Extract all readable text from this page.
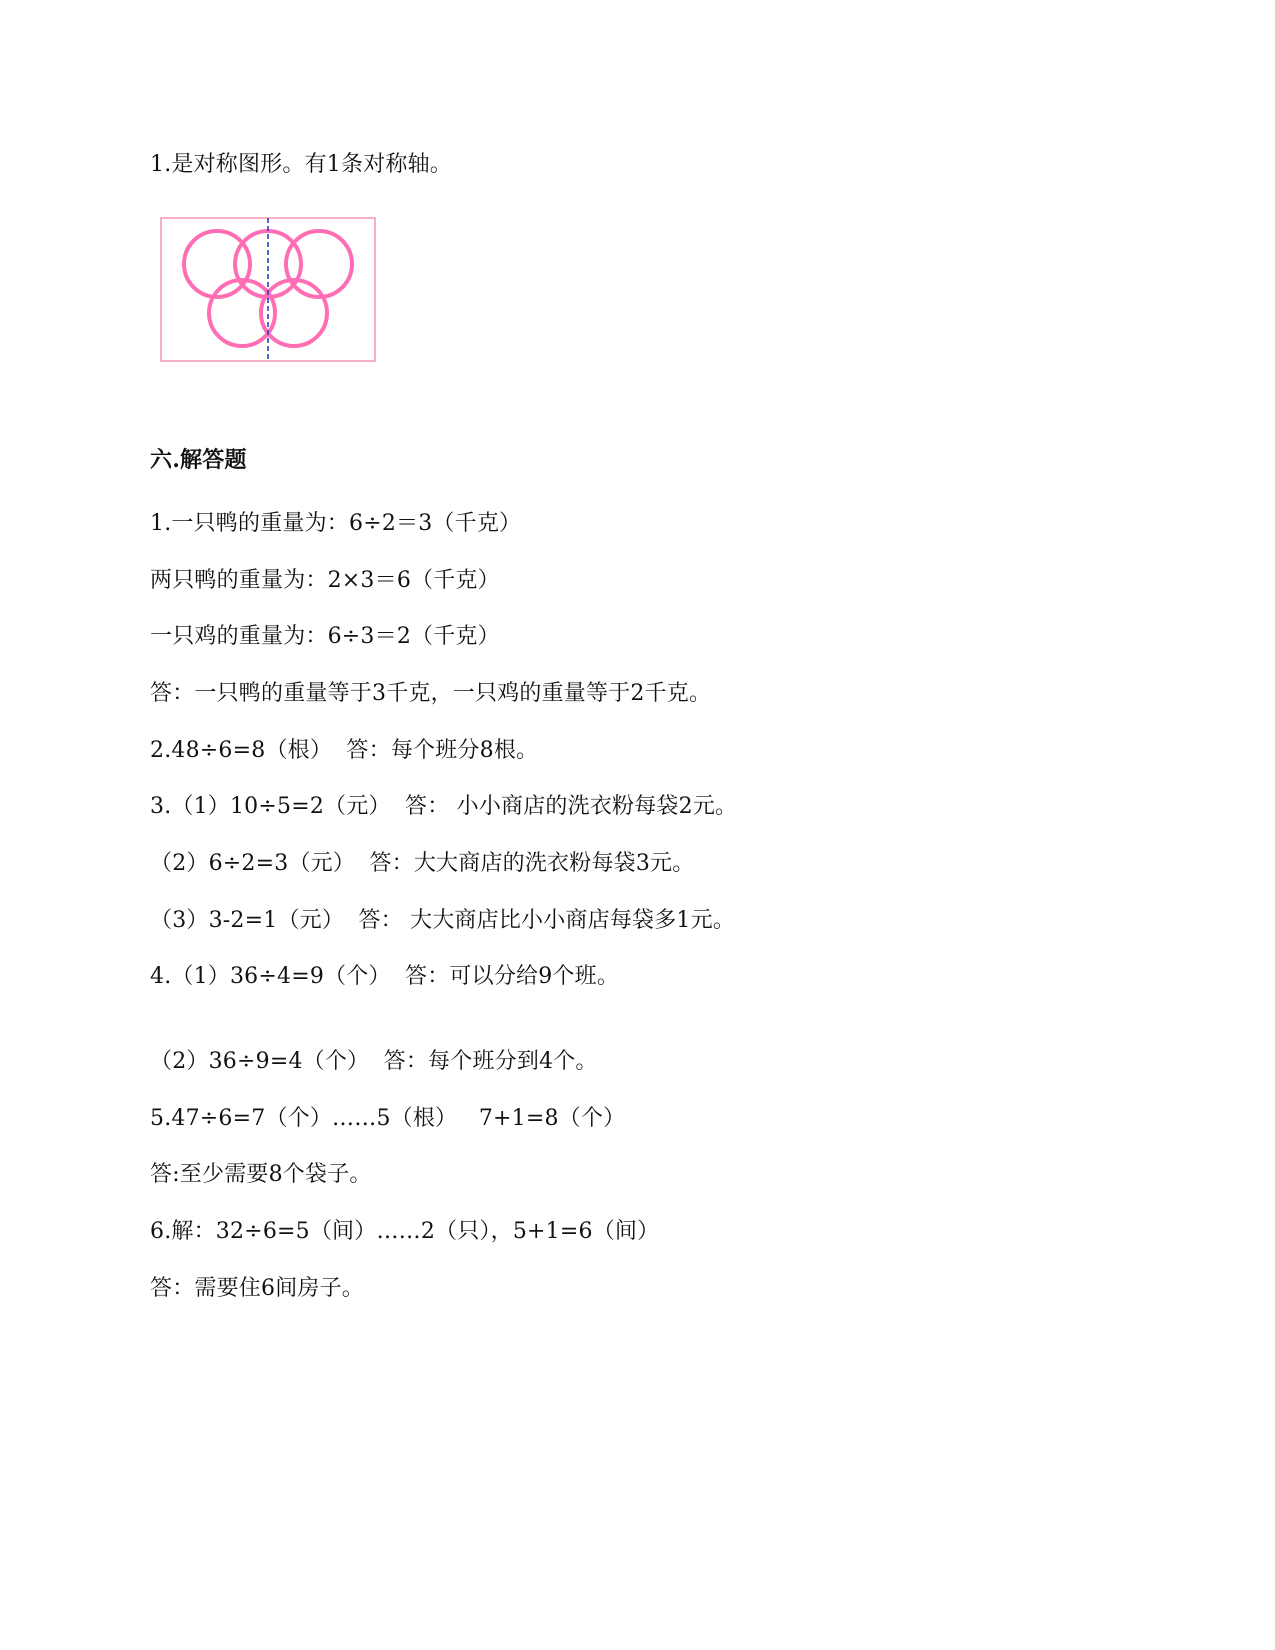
1.是对称图形。有1条对称轴。
六.解答题
1.一只鸭的重量为：6÷2＝3（千克）
两只鸭的重量为：2×3＝6（千克）
一只鸡的重量为：6÷3＝2（千克）
答：一只鸭的重量等于3千克，一只鸡的重量等于2千克。
2.48÷6=8（根）  答：每个班分8根。
3.（1）10÷5=2（元）  答： 小小商店的洗衣粉每袋2元。
（2）6÷2=3（元）  答：大大商店的洗衣粉每袋3元。
（3）3-2=1（元）  答： 大大商店比小小商店每袋多1元。
4.（1）36÷4=9（个）  答：可以分给9个班。
（2）36÷9=4（个）  答：每个班分到4个。
5.47÷6=7（个）……5（根）   7+1=8（个）
答:至少需要8个袋子。
6.解：32÷6=5（间）……2（只），5+1=6（间）
答：需要住6间房子。
